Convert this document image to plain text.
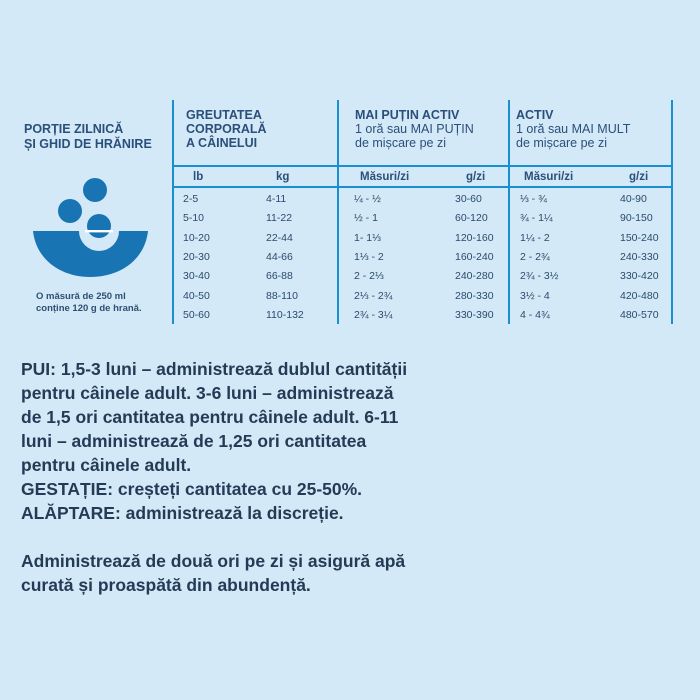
PORȚIE ZILNICĂ
ȘI GHID DE HRĂNIRE
O măsură de 250 ml
conține 120 g de hrană.
GREUTATEA
CORPORALĂ
A CÂINELUI
MAI PUȚIN ACTIV
1 oră sau MAI PUȚIN
de mișcare pe zi
ACTIV
1 oră sau MAI MULT
de mișcare pe zi
lb	kg	Măsuri/zi	g/zi	Măsuri/zi	g/zi
2-5	4-11	¼ - ½	30-60	⅓ - ¾	40-90
5-10	11-22	½ - 1	60-120	¾ - 1¼	90-150
10-20	22-44	1- 1⅓	120-160	1¼ - 2	150-240
20-30	44-66	1⅓ - 2	160-240	2 - 2¾	240-330
30-40	66-88	2 - 2⅓	240-280	2¾ - 3½	330-420
40-50	88-110	2⅓ - 2¾	280-330	3½ - 4	420-480
50-60	110-132	2¾ - 3¼	330-390	4 - 4¾	480-570

PUI: 1,5-3 luni – administrează dublul cantității

pentru câinele adult. 3-6 luni – administrează

de 1,5 ori cantitatea pentru câinele adult. 6-11

luni – administrează de 1,25 ori cantitatea

pentru câinele adult.

GESTAȚIE: creșteți cantitatea cu 25-50%.

ALĂPTARE: administrează la discreție.

Administrează de două ori pe zi și asigură apă

curată și proaspătă din abundență.
